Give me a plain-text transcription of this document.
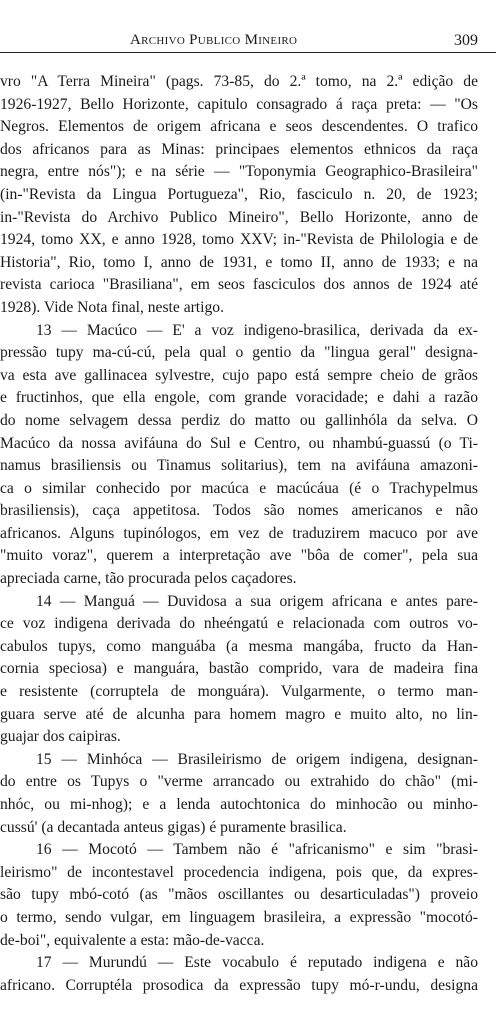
Archivo Publico Mineiro	309
vro "A Terra Mineira" (pags. 73-85, do 2.ª tomo, na 2.ª edição de
1926-1927, Bello Horizonte, capitulo consagrado á raça preta: — "Os
Negros. Elementos de origem africana e seos descendentes. O trafico
dos africanos para as Minas: principaes elementos ethnicos da raça
negra, entre nós"); e na série — "Toponymia Geographico-Brasileira"
(in-"Revista da Lingua Portugueza", Rio, fasciculo n. 20, de 1923;
in-"Revista do Archivo Publico Mineiro", Bello Horizonte, anno de
1924, tomo XX, e anno 1928, tomo XXV; in-"Revista de Philologia e de
Historia", Rio, tomo I, anno de 1931, e tomo II, anno de 1933; e na
revista carioca "Brasiliana", em seos fasciculos dos annos de 1924 até
1928). Vide Nota final, neste artigo.
13 — Macúco — E' a voz indigeno-brasilica, derivada da ex-
pressão tupy ma-cú-cú, pela qual o gentio da "lingua geral" designa-
va esta ave gallinacea sylvestre, cujo papo está sempre cheio de grãos
e fructinhos, que ella engole, com grande voracidade; e dahi a razão
do nome selvagem dessa perdiz do matto ou gallinhóla da selva. O
Macúco da nossa avifáuna do Sul e Centro, ou nhambú-guassú (o Ti-
namus brasiliensis ou Tinamus solitarius), tem na avifáuna amazoni-
ca o similar conhecido por macúca e macúcáua (é o Trachypelmus
brasiliensis), caça appetitosa. Todos são nomes americanos e não
africanos. Alguns tupinólogos, em vez de traduzirem macuco por ave
"muito voraz", querem a interpretação ave "bôa de comer", pela sua
apreciada carne, tão procurada pelos caçadores.
14 — Manguá — Duvidosa a sua origem africana e antes pare-
ce voz indigena derivada do nheéngatú e relacionada com outros vo-
cabulos tupys, como manguába (a mesma mangába, fructo da Han-
cornia speciosa) e manguára, bastão comprido, vara de madeira fina
e resistente (corruptela de monguára). Vulgarmente, o termo man-
guara serve até de alcunha para homem magro e muito alto, no lin-
guajar dos caipiras.
15 — Minhóca — Brasileirismo de origem indigena, designan-
do entre os Tupys o "verme arrancado ou extrahido do chão" (mi-
nhóc, ou mi-nhog); e a lenda autochtonica do minhocão ou minho-
cussú' (a decantada anteus gigas) é puramente brasilica.
16 — Mocotó — Tambem não é "africanismo" e sim "brasi-
leirismo" de incontestavel procedencia indigena, pois que, da expres-
são tupy mbó-cotó (as "mãos oscillantes ou desarticuladas") proveio
o termo, sendo vulgar, em linguagem brasileira, a expressão "mocotó-
de-boi", equivalente a esta: mão-de-vacca.
17 — Murundú — Este vocabulo é reputado indigena e não
africano. Corruptéla prosodica da expressão tupy mó-r-undu, designa
